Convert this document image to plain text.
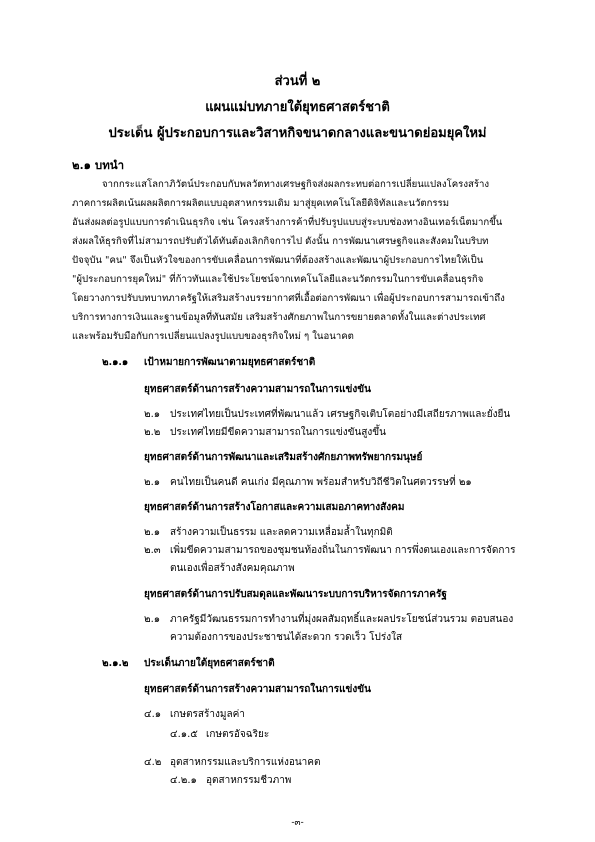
ส่วนที่ ๒
แผนแม่บทภายใต้ยุทธศาสตร์ชาติ
ประเด็น ผู้ประกอบการและวิสาหกิจขนาดกลางและขนาดย่อมยุคใหม่
๒.๑ บทนำ
จากกระแสโลกาภิวัตน์ประกอบกับพลวัตทางเศรษฐกิจส่งผลกระทบต่อการเปลี่ยนแปลงโครงสร้าง
ภาคการผลิตเน้นผลผลิตการผลิตแบบอุตสาหกรรมเดิม มาสู่ยุคเทคโนโลยีดิจิทัลและนวัตกรรม
อันส่งผลต่อรูปแบบการดำเนินธุรกิจ เช่น โครงสร้างการค้าที่ปรับรูปแบบสู่ระบบช่องทางอินเทอร์เน็ตมากขึ้น
ส่งผลให้ธุรกิจที่ไม่สามารถปรับตัวได้ทันต้องเลิกกิจการไป ดังนั้น การพัฒนาเศรษฐกิจและสังคมในบริบท
ปัจจุบัน "คน" จึงเป็นหัวใจของการขับเคลื่อนการพัฒนาที่ต้องสร้างและพัฒนาผู้ประกอบการไทยให้เป็น
"ผู้ประกอบการยุคใหม่" ที่ก้าวทันและใช้ประโยชน์จากเทคโนโลยีและนวัตกรรมในการขับเคลื่อนธุรกิจ
โดยวางการปรับบทบาทภาครัฐให้เสริมสร้างบรรยากาศที่เอื้อต่อการพัฒนา เพื่อผู้ประกอบการสามารถเข้าถึง
บริการทางการเงินและฐานข้อมูลที่ทันสมัย เสริมสร้างศักยภาพในการขยายตลาดทั้งในและต่างประเทศ
และพร้อมรับมือกับการเปลี่ยนแปลงรูปแบบของธุรกิจใหม่ ๆ ในอนาคต
๒.๑.๑ เป้าหมายการพัฒนาตามยุทธศาสตร์ชาติ
ยุทธศาสตร์ด้านการสร้างความสามารถในการแข่งขัน
๒.๑ ประเทศไทยเป็นประเทศที่พัฒนาแล้ว เศรษฐกิจเติบโตอย่างมีเสถียรภาพและยั่งยืน
๒.๒ ประเทศไทยมีขีดความสามารถในการแข่งขันสูงขึ้น
ยุทธศาสตร์ด้านการพัฒนาและเสริมสร้างศักยภาพทรัพยากรมนุษย์
๒.๑ คนไทยเป็นคนดี คนเก่ง มีคุณภาพ พร้อมสำหรับวิถีชีวิตในศตวรรษที่ ๒๑
ยุทธศาสตร์ด้านการสร้างโอกาสและความเสมอภาคทางสังคม
๒.๑ สร้างความเป็นธรรม และลดความเหลื่อมล้ำในทุกมิติ
๒.๓ เพิ่มขีดความสามารถของชุมชนท้องถิ่นในการพัฒนา การพึ่งตนเองและการจัดการ
ตนเองเพื่อสร้างสังคมคุณภาพ
ยุทธศาสตร์ด้านการปรับสมดุลและพัฒนาระบบการบริหารจัดการภาครัฐ
๒.๑ ภาครัฐมีวัฒนธรรมการทำงานที่มุ่งผลสัมฤทธิ์และผลประโยชน์ส่วนรวม ตอบสนอง
ความต้องการของประชาชนได้สะดวก รวดเร็ว โปร่งใส
๒.๑.๒ ประเด็นภายใต้ยุทธศาสตร์ชาติ
ยุทธศาสตร์ด้านการสร้างความสามารถในการแข่งขัน
๔.๑ เกษตรสร้างมูลค่า
๔.๑.๕ เกษตรอัจฉริยะ
๔.๒ อุตสาหกรรมและบริการแห่งอนาคต
๔.๒.๑ อุตสาหกรรมชีวภาพ
-๓-
